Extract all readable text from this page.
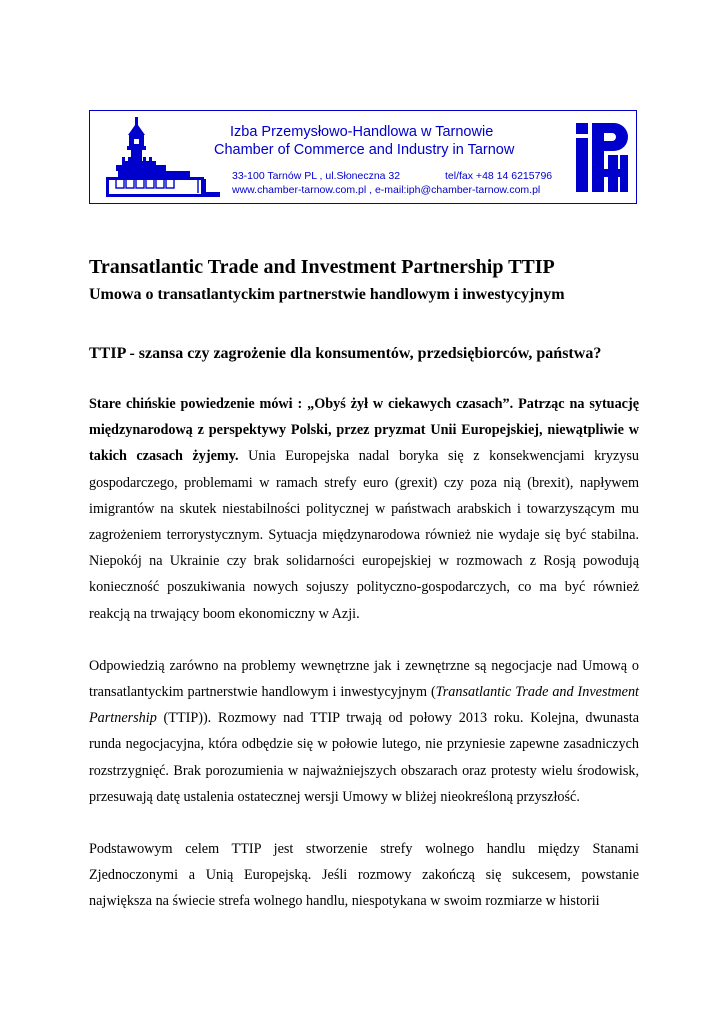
Izba Przemysłowo-Handlowa w Tarnowie
Chamber of Commerce and Industry in Tarnow
33-100 Tarnów PL , ul.Słoneczna 32	tel/fax +48 14 6215796
www.chamber-tarnow.com.pl , e-mail:iph@chamber-tarnow.com.pl
Transatlantic Trade and Investment Partnership TTIP
Umowa o transatlantyckim partnerstwie handlowym i inwestycyjnym
TTIP - szansa czy zagrożenie dla konsumentów, przedsiębiorców, państwa?

Stare chińskie powiedzenie mówi : „Obyś żył w ciekawych czasach”. Patrząc na sytuację międzynarodową z perspektywy Polski, przez pryzmat Unii Europejskiej, niewątpliwie w takich czasach żyjemy. Unia Europejska nadal boryka się z konsekwencjami kryzysu gospodarczego, problemami w ramach strefy euro (grexit) czy poza nią (brexit), napływem imigrantów na skutek niestabilności politycznej w państwach arabskich i towarzyszącym mu zagrożeniem terrorystycznym. Sytuacja międzynarodowa również nie wydaje się być stabilna. Niepokój na Ukrainie czy brak solidarności europejskiej w rozmowach z Rosją powodują konieczność poszukiwania nowych sojuszy polityczno-gospodarczych, co ma być również reakcją na trwający boom ekonomiczny w Azji.

Odpowiedzią zarówno na problemy wewnętrzne jak i zewnętrzne są negocjacje nad Umową o transatlantyckim partnerstwie handlowym i inwestycyjnym (Transatlantic Trade and Investment Partnership (TTIP)). Rozmowy nad TTIP trwają od połowy 2013 roku. Kolejna, dwunasta runda negocjacyjna, która odbędzie się w połowie lutego, nie przyniesie zapewne zasadniczych rozstrzygnięć. Brak porozumienia w najważniejszych obszarach oraz protesty wielu środowisk, przesuwają datę ustalenia ostatecznej wersji Umowy w bliżej nieokreśloną przyszłość.

Podstawowym celem TTIP jest stworzenie strefy wolnego handlu między Stanami Zjednoczonymi a Unią Europejską. Jeśli rozmowy zakończą się sukcesem, powstanie największa na świecie strefa wolnego handlu, niespotykana w swoim rozmiarze w historii
